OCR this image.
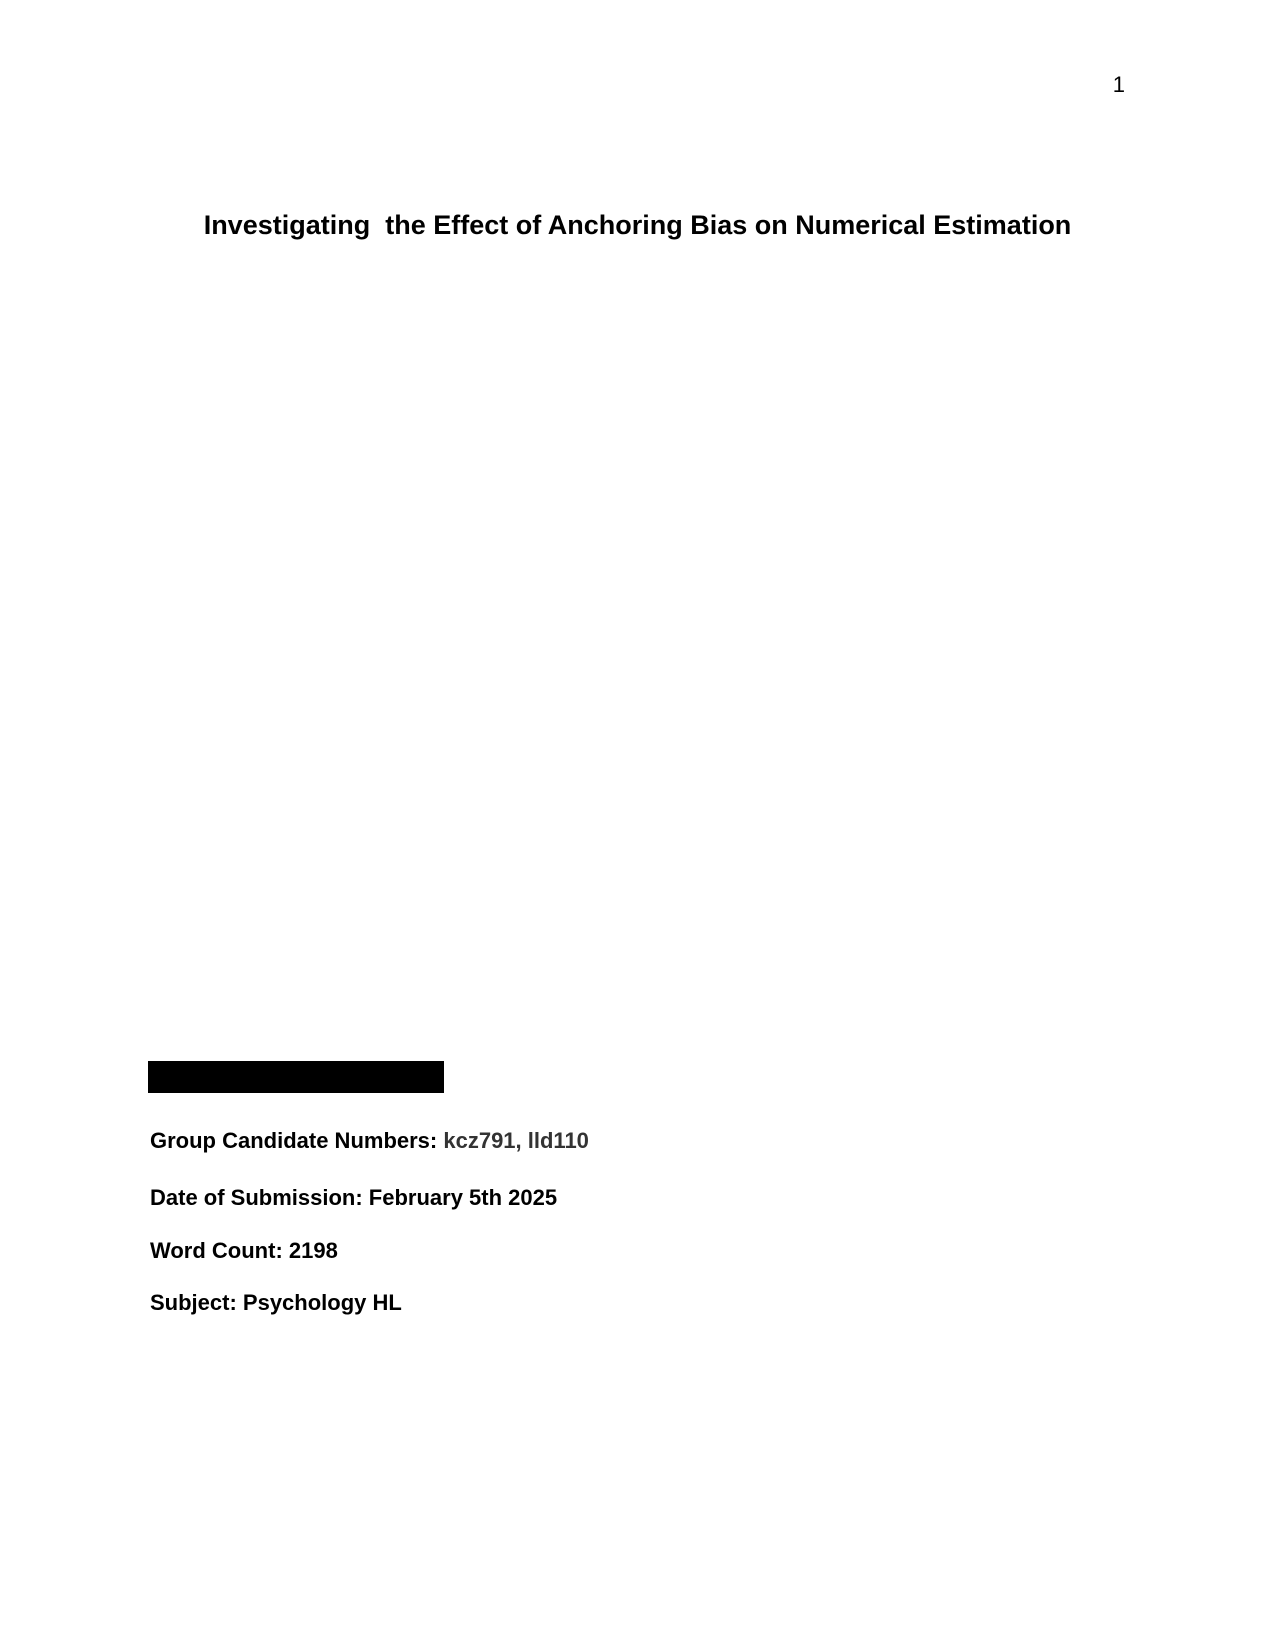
1
Investigating  the Effect of Anchoring Bias on Numerical Estimation
Group Candidate Numbers: kcz791, lld110
Date of Submission: February 5th 2025
Word Count: 2198
Subject: Psychology HL
